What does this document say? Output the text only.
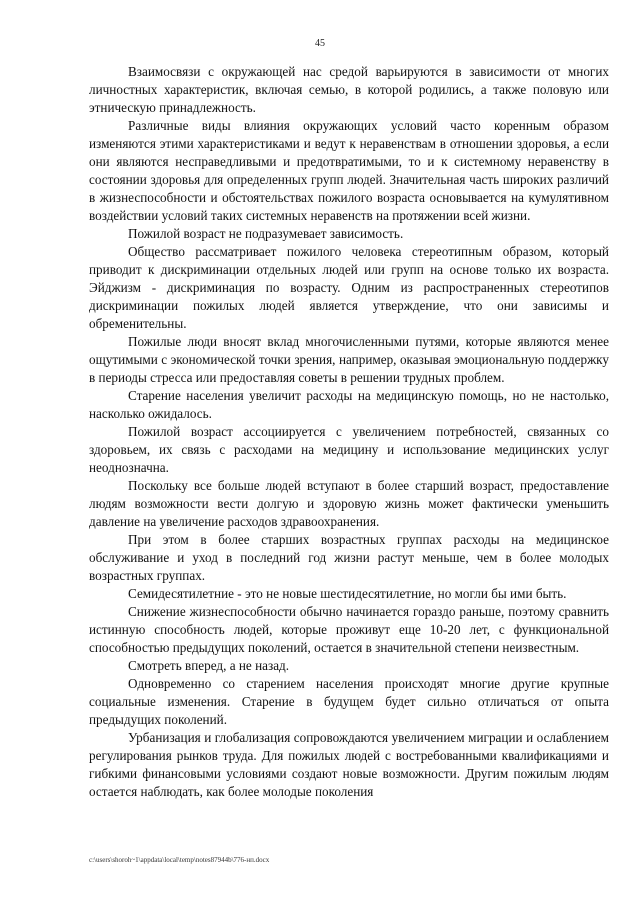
45

Взаимосвязи с окружающей нас средой варьируются в зависимости от многих личностных характеристик, включая семью, в которой родились, а также половую или этническую принадлежность.

Различные виды влияния окружающих условий часто коренным образом изменяются этими характеристиками и ведут к неравенствам в отношении здоровья, а если они являются несправедливыми и предотвратимыми, то и к системному неравенству в состоянии здоровья для определенных групп людей. Значительная часть широких различий в жизнеспособности и обстоятельствах пожилого возраста основывается на кумулятивном воздействии условий таких системных неравенств на протяжении всей жизни.

Пожилой возраст не подразумевает зависимость.

Общество рассматривает пожилого человека стереотипным образом, который приводит к дискриминации отдельных людей или групп на основе только их возраста. Эйджизм - дискриминация по возрасту. Одним из распространенных стереотипов дискриминации пожилых людей является утверждение, что они зависимы и обременительны.

Пожилые люди вносят вклад многочисленными путями, которые являются менее ощутимыми с экономической точки зрения, например, оказывая эмоциональную поддержку в периоды стресса или предоставляя советы в решении трудных проблем.

Старение населения увеличит расходы на медицинскую помощь, но не настолько, насколько ожидалось.

Пожилой возраст ассоциируется с увеличением потребностей, связанных со здоровьем, их связь с расходами на медицину и использование медицинских услуг неоднозначна.

Поскольку все больше людей вступают в более старший возраст, предоставление людям возможности вести долгую и здоровую жизнь может фактически уменьшить давление на увеличение расходов здравоохранения.

При этом в более старших возрастных группах расходы на медицинское обслуживание и уход в последний год жизни растут меньше, чем в более молодых возрастных группах.

Семидесятилетние - это не новые шестидесятилетние, но могли бы ими быть.

Снижение жизнеспособности обычно начинается гораздо раньше, поэтому сравнить истинную способность людей, которые проживут еще 10-20 лет, с функциональной способностью предыдущих поколений, остается в значительной степени неизвестным.

Смотреть вперед, а не назад.

Одновременно со старением населения происходят многие другие крупные социальные изменения. Старение в будущем будет сильно отличаться от опыта предыдущих поколений.

Урбанизация и глобализация сопровождаются увеличением миграции и ослаблением регулирования рынков труда. Для пожилых людей с востребованными квалификациями и гибкими финансовыми условиями создают новые возможности. Другим пожилым людям остается наблюдать, как более молодые поколения

c:\users\shoroh~1\appdata\local\temp\notes87944b\776-нп.docx
